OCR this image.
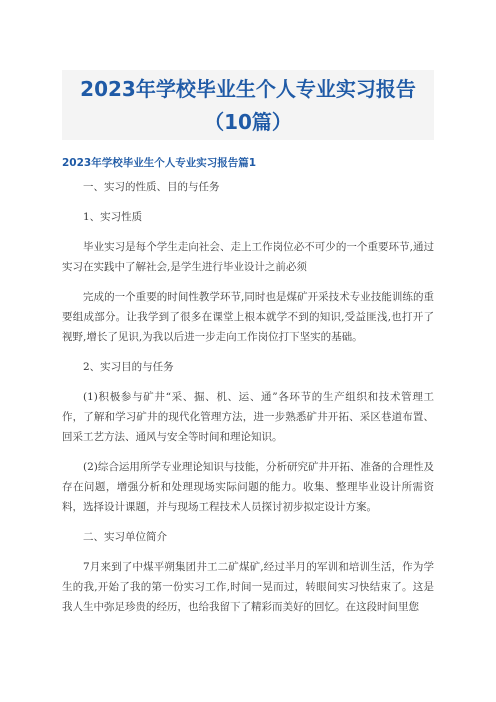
2023年学校毕业生个人专业实习报告（10篇）
2023年学校毕业生个人专业实习报告篇1

一、实习的性质、目的与任务

1、实习性质

毕业实习是每个学生走向社会、走上工作岗位必不可少的一个重要环节,通过实习在实践中了解社会,是学生进行毕业设计之前必须

完成的一个重要的时间性教学环节,同时也是煤矿开采技术专业技能训练的重要组成部分。让我学到了很多在课堂上根本就学不到的知识,受益匪浅,也打开了视野,增长了见识,为我以后进一步走向工作岗位打下坚实的基础。

2、实习目的与任务

(1)积极参与矿井“采、掘、机、运、通”各环节的生产组织和技术管理工作，了解和学习矿井的现代化管理方法，进一步熟悉矿井开拓、采区巷道布置、回采工艺方法、通风与安全等时间和理论知识。

(2)综合运用所学专业理论知识与技能，分析研究矿井开拓、准备的合理性及存在问题，增强分析和处理现场实际问题的能力。收集、整理毕业设计所需资料，选择设计课题，并与现场工程技术人员探讨初步拟定设计方案。

二、实习单位简介

7月来到了中煤平朔集团井工二矿煤矿,经过半月的军训和培训生活，作为学生的我,开始了我的第一份实习工作,时间一晃而过，转眼间实习快结束了。这是我人生中弥足珍贵的经历，也给我留下了精彩而美好的回忆。在这段时间里您
